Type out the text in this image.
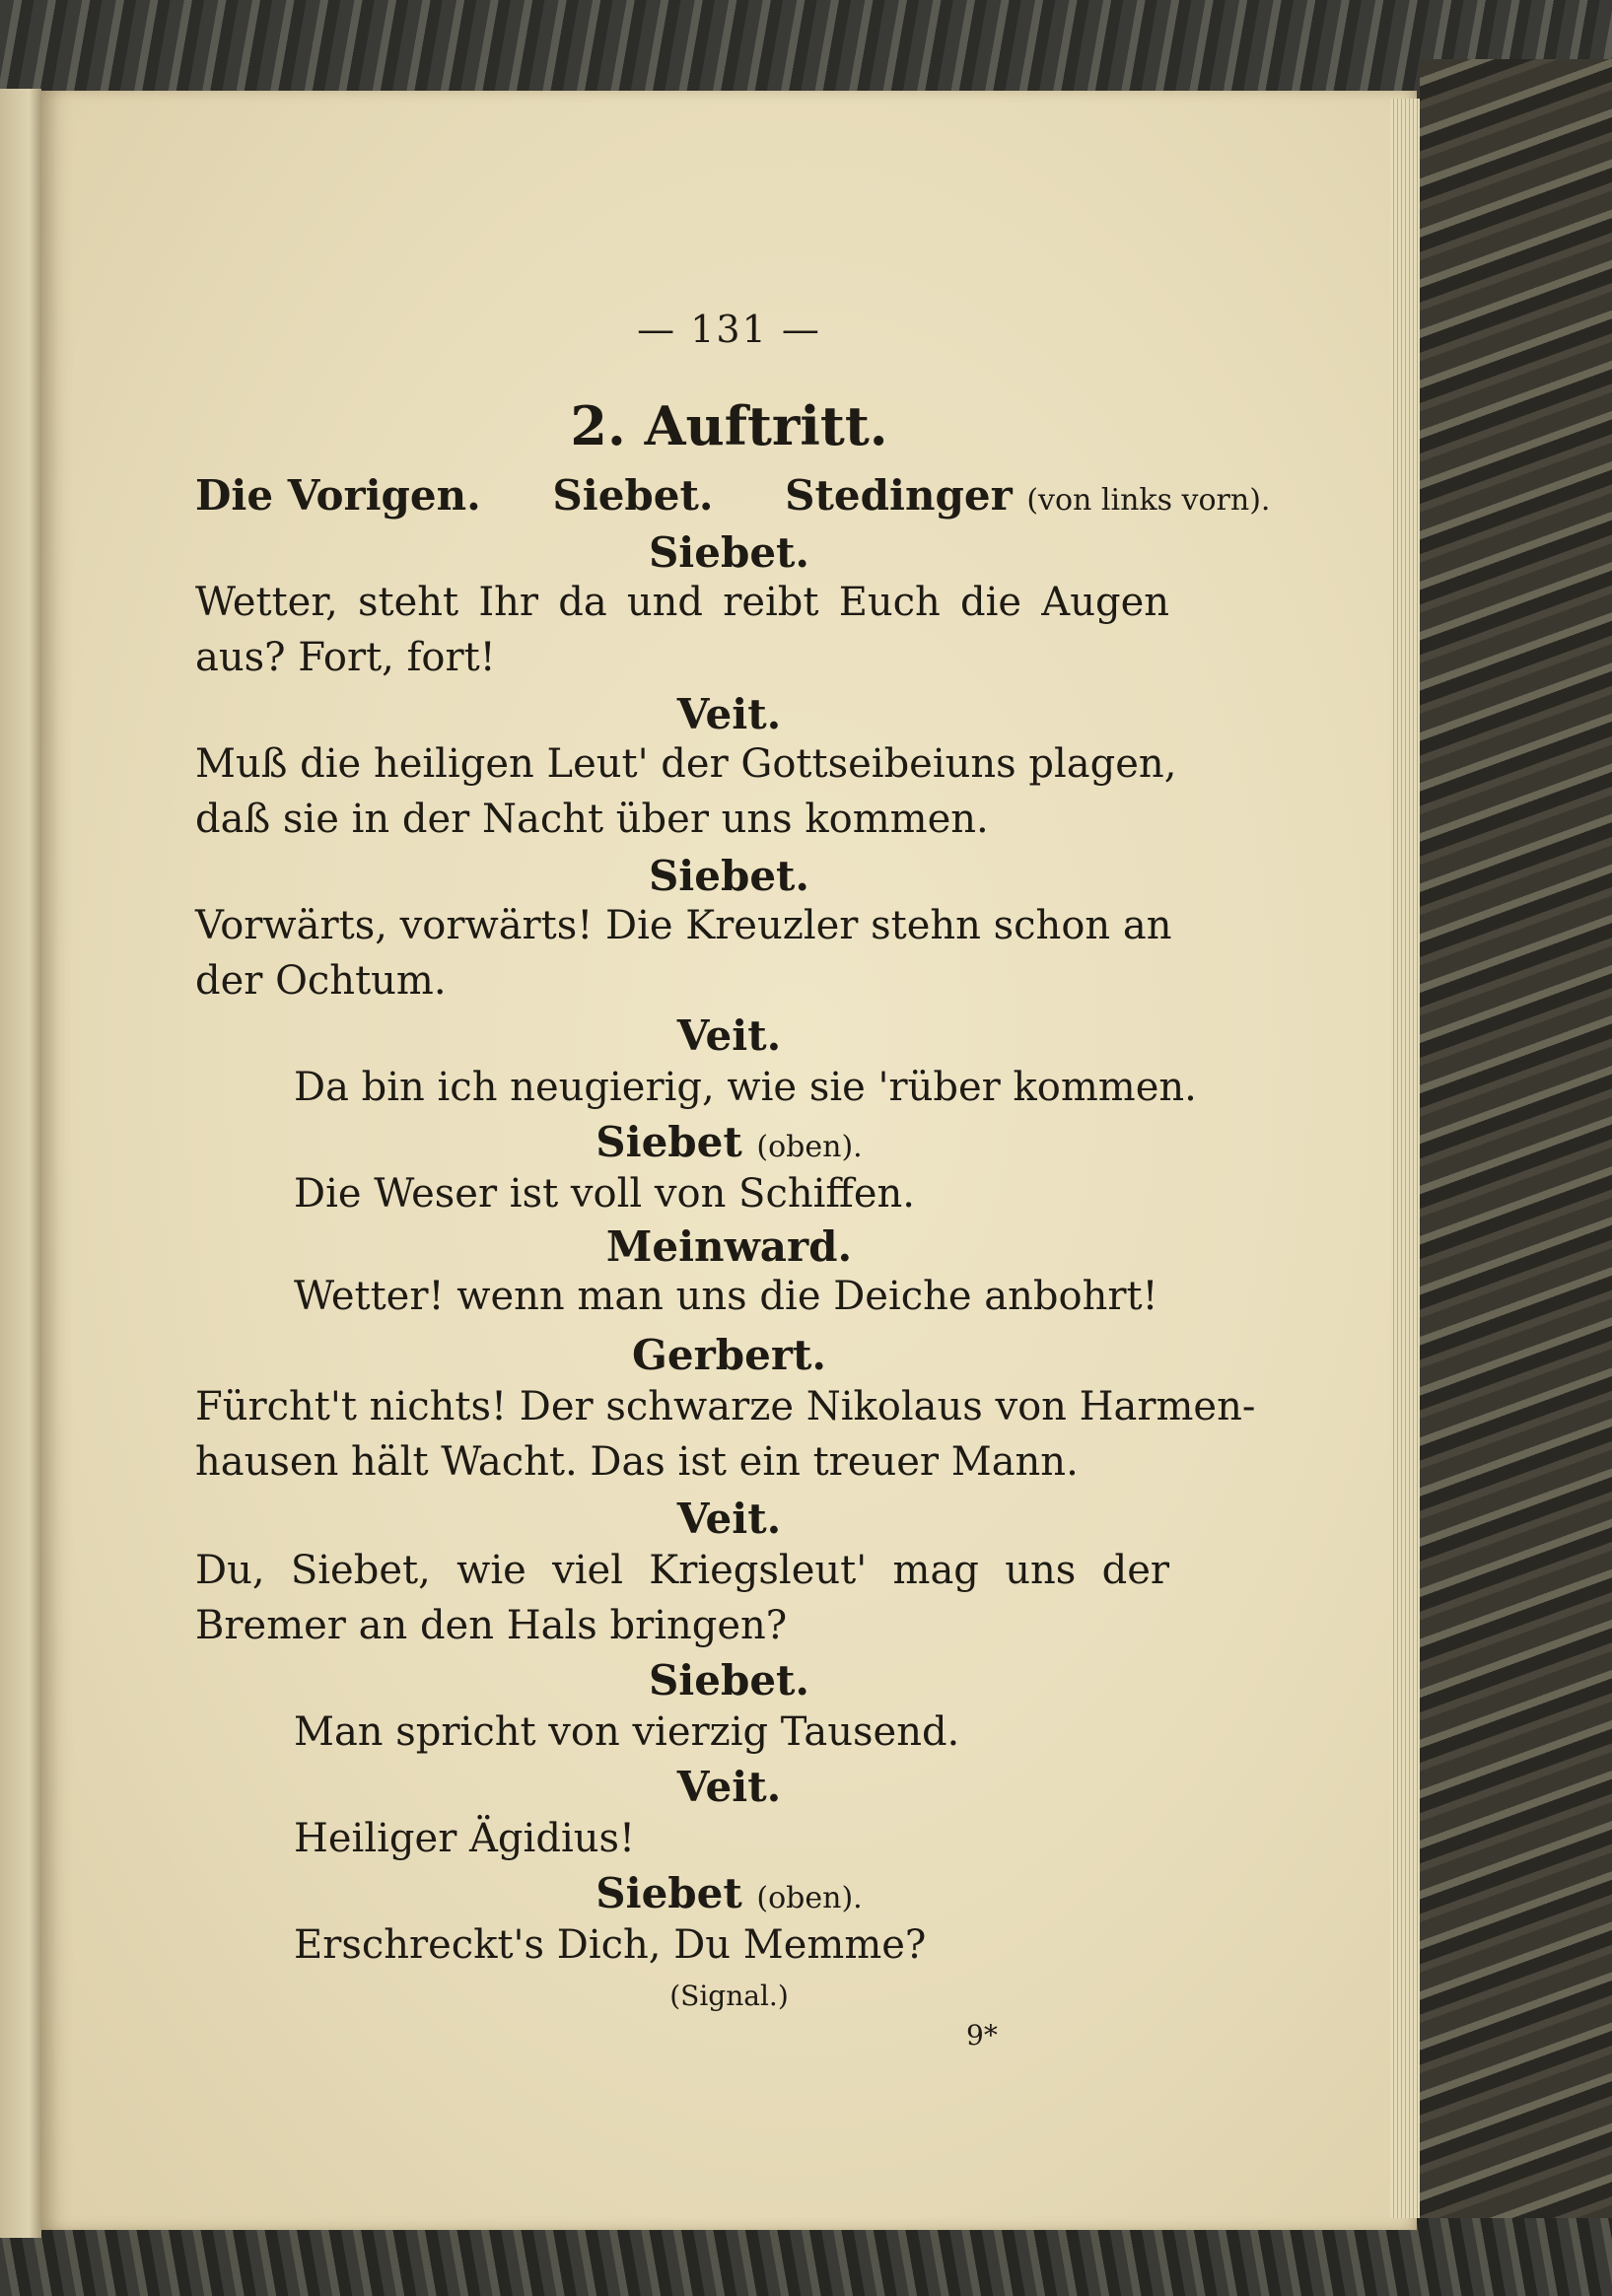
— 131 —
2. Auftritt.
Die Vorigen. Siebet. Stedinger (von links vorn).
Siebet.
Wetter, steht Ihr da und reibt Euch die Augen
aus? Fort, fort!
Veit.
Muß die heiligen Leut' der Gottseibeiuns plagen,
daß sie in der Nacht über uns kommen.
Siebet.
Vorwärts, vorwärts! Die Kreuzler stehn schon an
der Ochtum.
Veit.
Da bin ich neugierig, wie sie 'rüber kommen.
Siebet (oben).
Die Weser ist voll von Schiffen.
Meinward.
Wetter! wenn man uns die Deiche anbohrt!
Gerbert.
Fürcht't nichts! Der schwarze Nikolaus von Harmen-
hausen hält Wacht. Das ist ein treuer Mann.
Veit.
Du, Siebet, wie viel Kriegsleut' mag uns der
Bremer an den Hals bringen?
Siebet.
Man spricht von vierzig Tausend.
Veit.
Heiliger Ägidius!
Siebet (oben).
Erschreckt's Dich, Du Memme?
(Signal.)
9*
